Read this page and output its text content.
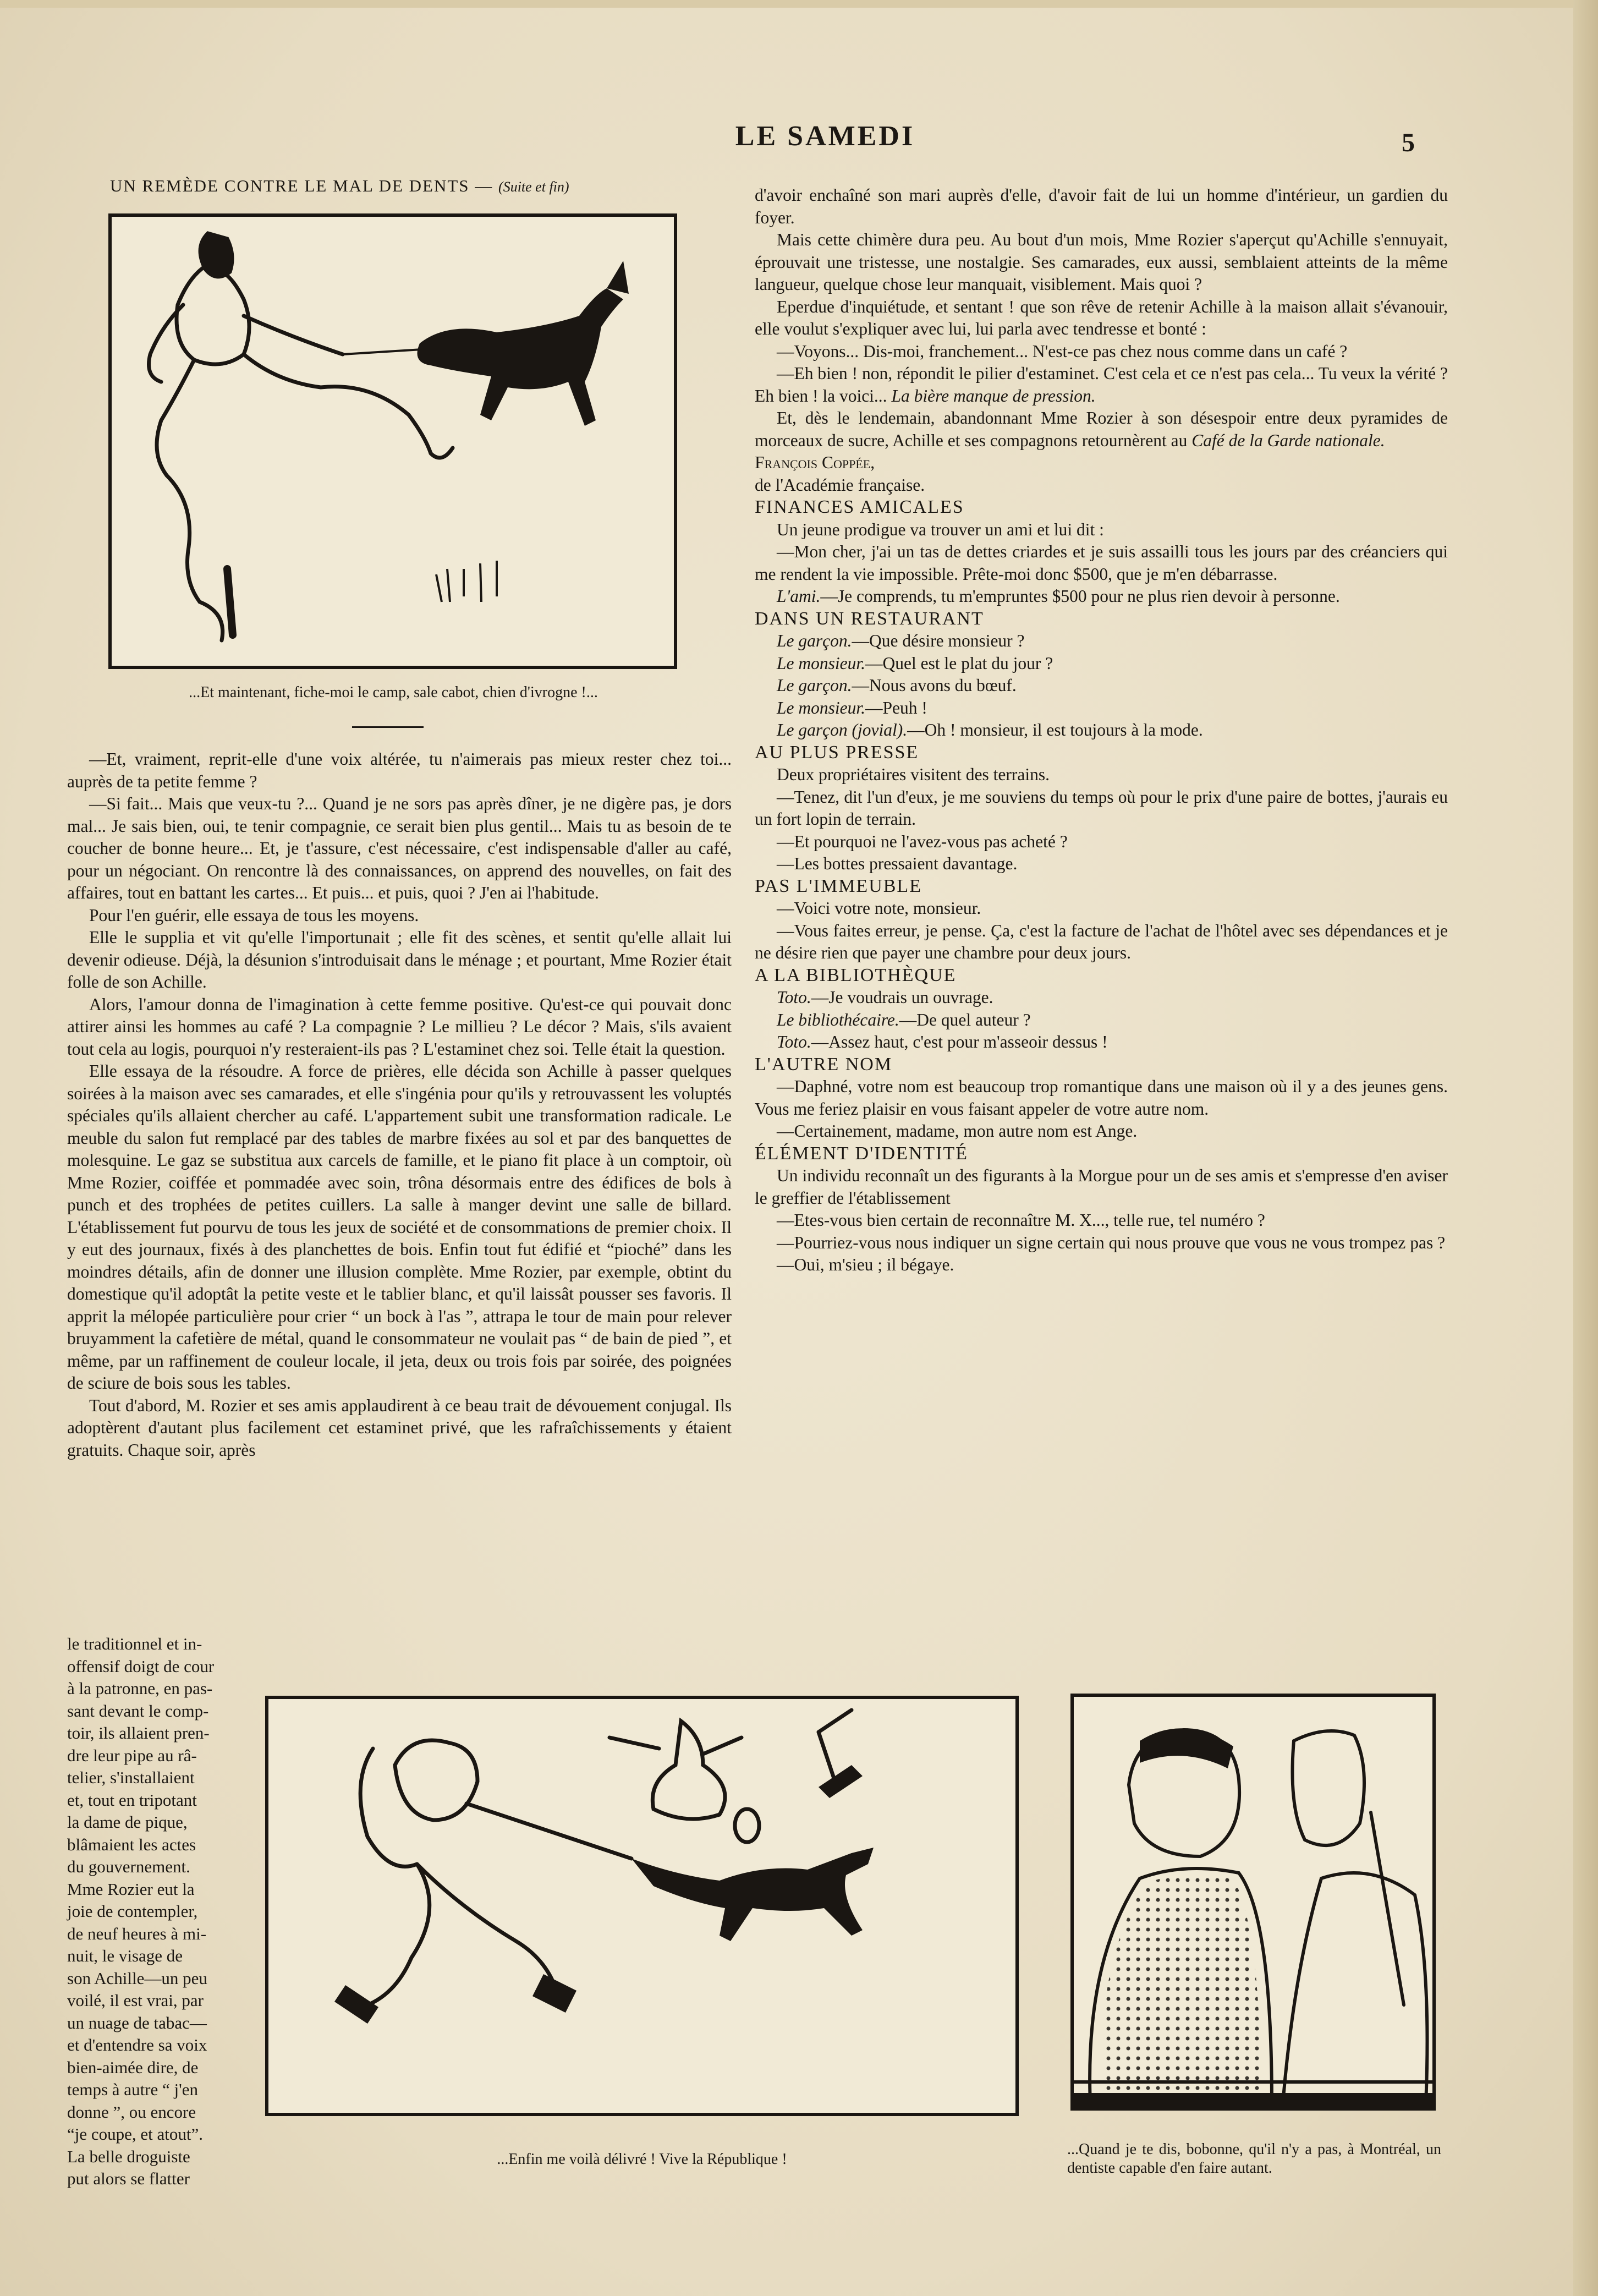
LE SAMEDI	5
UN REMÈDE CONTRE LE MAL DE DENTS — (Suite et fin)
...Et maintenant, fiche-moi le camp, sale cabot, chien d'ivrogne !...

—Et, vraiment, reprit-elle d'une voix altérée, tu n'aimerais pas mieux rester chez toi... auprès de ta petite femme ?

—Si fait... Mais que veux-tu ?... Quand je ne sors pas après dîner, je ne digère pas, je dors mal... Je sais bien, oui, te tenir compagnie, ce serait bien plus gentil... Mais tu as besoin de te coucher de bonne heure... Et, je t'assure, c'est nécessaire, c'est indispensable d'aller au café, pour un négociant. On rencontre là des connaissances, on apprend des nouvelles, on fait des affaires, tout en battant les cartes... Et puis... et puis, quoi ? J'en ai l'habitude.

Pour l'en guérir, elle essaya de tous les moyens.

Elle le supplia et vit qu'elle l'importunait ; elle fit des scènes, et sentit qu'elle allait lui devenir odieuse. Déjà, la désunion s'introduisait dans le ménage ; et pourtant, Mme Rozier était folle de son Achille.

Alors, l'amour donna de l'imagination à cette femme positive. Qu'est-ce qui pouvait donc attirer ainsi les hommes au café ? La compagnie ? Le millieu ? Le décor ? Mais, s'ils avaient tout cela au logis, pourquoi n'y resteraient-ils pas ? L'estaminet chez soi. Telle était la question.

Elle essaya de la résoudre. A force de prières, elle décida son Achille à passer quelques soirées à la maison avec ses camarades, et elle s'ingénia pour qu'ils y retrouvassent les voluptés spéciales qu'ils allaient chercher au café. L'appartement subit une transformation radicale. Le meuble du salon fut remplacé par des tables de marbre fixées au sol et par des banquettes de molesquine. Le gaz se substitua aux carcels de famille, et le piano fit place à un comptoir, où Mme Rozier, coiffée et pommadée avec soin, trôna désormais entre des édifices de bols à punch et des trophées de petites cuillers. La salle à manger devint une salle de billard. L'établissement fut pourvu de tous les jeux de société et de consommations de premier choix. Il y eut des journaux, fixés à des planchettes de bois. Enfin tout fut édifié et “pioché” dans les moindres détails, afin de donner une illusion complète. Mme Rozier, par exemple, obtint du domestique qu'il adoptât la petite veste et le tablier blanc, et qu'il laissât pousser ses favoris. Il apprit la mélopée particulière pour crier “ un bock à l'as ”, attrapa le tour de main pour relever bruyamment la cafetière de métal, quand le consommateur ne voulait pas “ de bain de pied ”, et même, par un raffinement de couleur locale, il jeta, deux ou trois fois par soirée, des poignées de sciure de bois sous les tables.

Tout d'abord, M. Rozier et ses amis applaudirent à ce beau trait de dévouement conjugal. Ils adoptèrent d'autant plus facilement cet estaminet privé, que les rafraîchissements y étaient gratuits. Chaque soir, après

le traditionnel et in-

offensif doigt de cour

à la patronne, en pas-

sant devant le comp-

toir, ils allaient pren-

dre leur pipe au râ-

telier, s'installaient

et, tout en tripotant

la dame de pique,

blâmaient les actes

du gouvernement.

Mme Rozier eut la

joie de contempler,

de neuf heures à mi-

nuit, le visage de

son Achille—un peu

voilé, il est vrai, par

un nuage de tabac—

et d'entendre sa voix

bien-aimée dire, de

temps à autre “ j'en

donne ”, ou encore

“je coupe, et atout”.

La belle droguiste

put alors se flatter

d'avoir enchaîné son mari auprès d'elle, d'avoir fait de lui un homme d'intérieur, un gardien du foyer.

Mais cette chimère dura peu. Au bout d'un mois, Mme Rozier s'aperçut qu'Achille s'ennuyait, éprouvait une tristesse, une nostalgie. Ses camarades, eux aussi, semblaient atteints de la même langueur, quelque chose leur manquait, visiblement. Mais quoi ?

Eperdue d'inquiétude, et sentant ! que son rêve de retenir Achille à la maison allait s'évanouir, elle voulut s'expliquer avec lui, lui parla avec tendresse et bonté :

—Voyons... Dis-moi, franchement... N'est-ce pas chez nous comme dans un café ?

—Eh bien ! non, répondit le pilier d'estaminet. C'est cela et ce n'est pas cela... Tu veux la vérité ? Eh bien ! la voici... La bière manque de pression.

Et, dès le lendemain, abandonnant Mme Rozier à son désespoir entre deux pyramides de morceaux de sucre, Achille et ses compagnons retournèrent au Café de la Garde nationale.

François Coppée,

de l'Académie française.

FINANCES AMICALES

Un jeune prodigue va trouver un ami et lui dit :

—Mon cher, j'ai un tas de dettes criardes et je suis assailli tous les jours par des créanciers qui me rendent la vie impossible. Prête-moi donc $500, que je m'en débarrasse.

L'ami.—Je comprends, tu m'empruntes $500 pour ne plus rien devoir à personne.

DANS UN RESTAURANT

Le garçon.—Que désire monsieur ?

Le monsieur.—Quel est le plat du jour ?

Le garçon.—Nous avons du bœuf.

Le monsieur.—Peuh !

Le garçon (jovial).—Oh ! monsieur, il est toujours à la mode.

AU PLUS PRESSE

Deux propriétaires visitent des terrains.

—Tenez, dit l'un d'eux, je me souviens du temps où pour le prix d'une paire de bottes, j'aurais eu un fort lopin de terrain.

—Et pourquoi ne l'avez-vous pas acheté ?

—Les bottes pressaient davantage.

PAS L'IMMEUBLE

—Voici votre note, monsieur.

—Vous faites erreur, je pense. Ça, c'est la facture de l'achat de l'hôtel avec ses dépendances et je ne désire rien que payer une chambre pour deux jours.

A LA BIBLIOTHÈQUE

Toto.—Je voudrais un ouvrage.

Le bibliothécaire.—De quel auteur ?

Toto.—Assez haut, c'est pour m'asseoir dessus !

L'AUTRE NOM

—Daphné, votre nom est beaucoup trop romantique dans une maison où il y a des jeunes gens. Vous me feriez plaisir en vous faisant appeler de votre autre nom.

—Certainement, madame, mon autre nom est Ange.

ÉLÉMENT D'IDENTITÉ

Un individu reconnaît un des figurants à la Morgue pour un de ses amis et s'empresse d'en aviser le greffier de l'établissement

—Etes-vous bien certain de reconnaître M. X..., telle rue, tel numéro ?

—Pourriez-vous nous indiquer un signe certain qui nous prouve que vous ne vous trompez pas ?

—Oui, m'sieu ; il bégaye.

...Enfin me voilà délivré ! Vive la République !
...Quand je te dis, bobonne, qu'il n'y a pas, à Montréal, un dentiste capable d'en faire autant.
